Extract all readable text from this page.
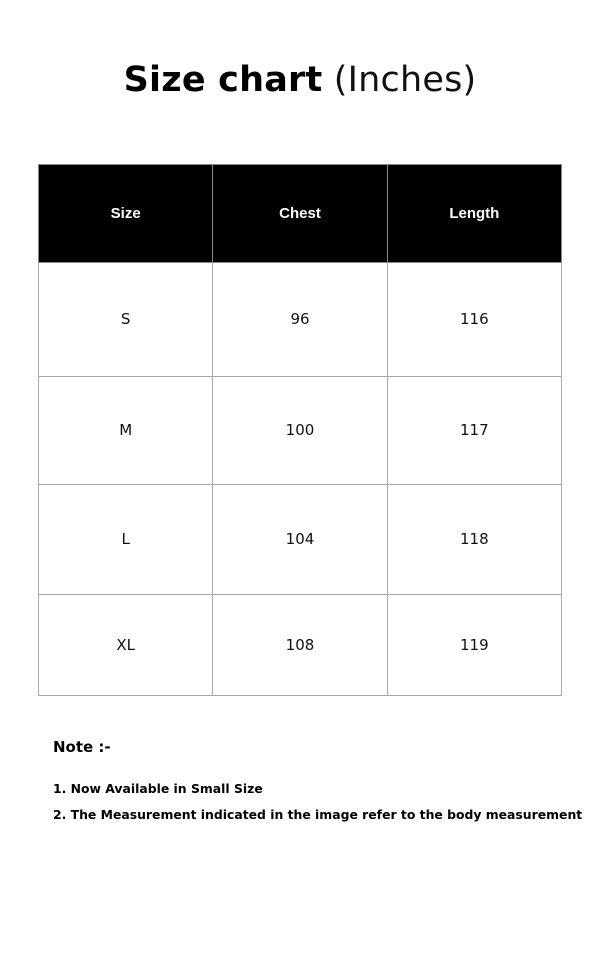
Size chart (Inches)
Size	Chest	Length
S	96	116
M	100	117
L	104	118
XL	108	119
Note :-
1. Now Available in Small Size
2. The Measurement indicated in the image refer to the body measurement
